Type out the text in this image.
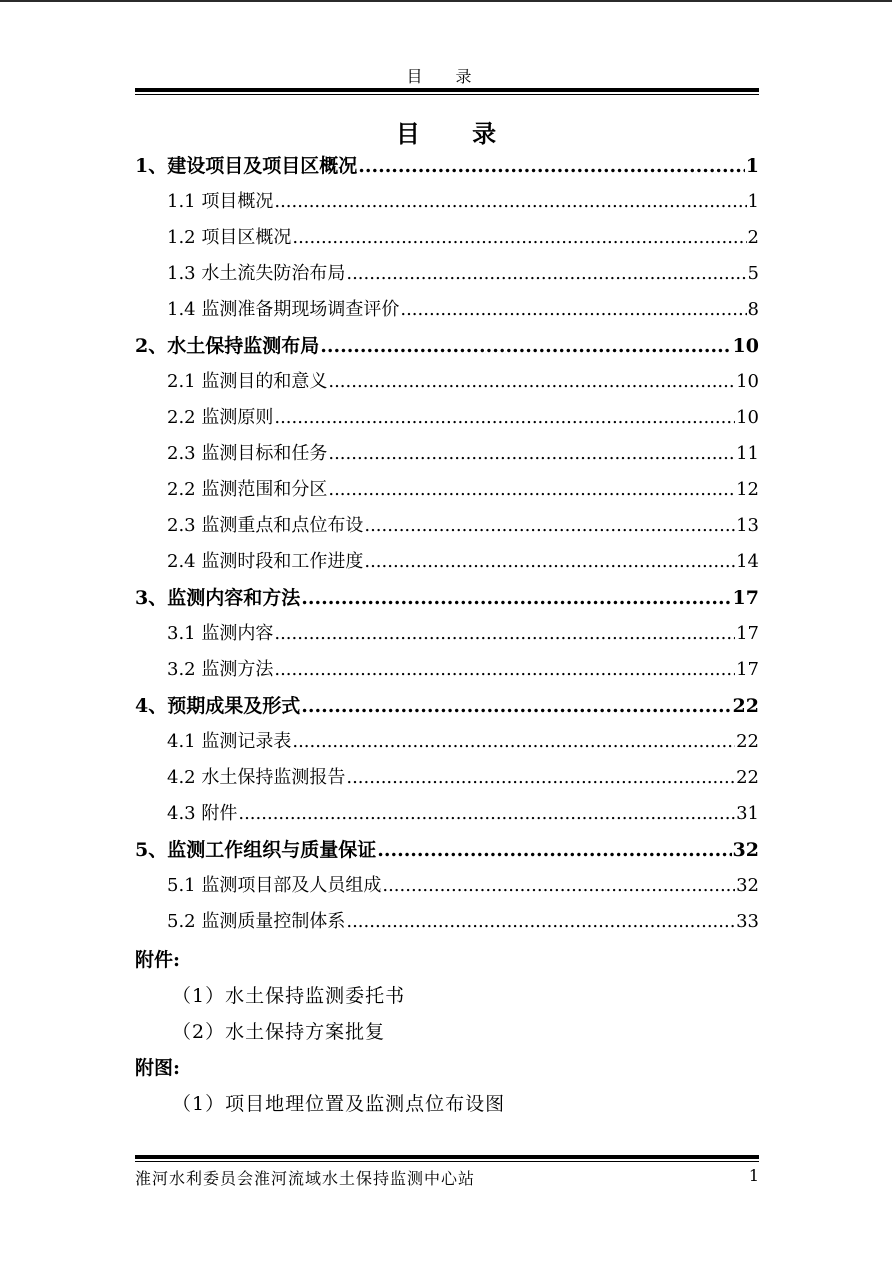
目 录
目 录
1、建设项目及项目区概况 .....	1
1.1 项目概况 .....	1
1.2 项目区概况 .....	2
1.3 水土流失防治布局 .....	5
1.4 监测准备期现场调查评价 .....	8
2、水土保持监测布局 .....	10
2.1 监测目的和意义 .....	10
2.2 监测原则 .....	10
2.3 监测目标和任务 .....	11
2.2 监测范围和分区 .....	12
2.3 监测重点和点位布设 .....	13
2.4 监测时段和工作进度 .....	14
3、监测内容和方法 .....	17
3.1 监测内容 .....	17
3.2 监测方法 .....	17
4、预期成果及形式 .....	22
4.1 监测记录表 .....	22
4.2 水土保持监测报告 .....	22
4.3 附件 .....	31
5、监测工作组织与质量保证 .....	32
5.1 监测项目部及人员组成 .....	32
5.2 监测质量控制体系 .....	33
附件:
（1）水土保持监测委托书
（2）水土保持方案批复
附图:
（1）项目地理位置及监测点位布设图
淮河水利委员会淮河流域水土保持监测中心站	1
